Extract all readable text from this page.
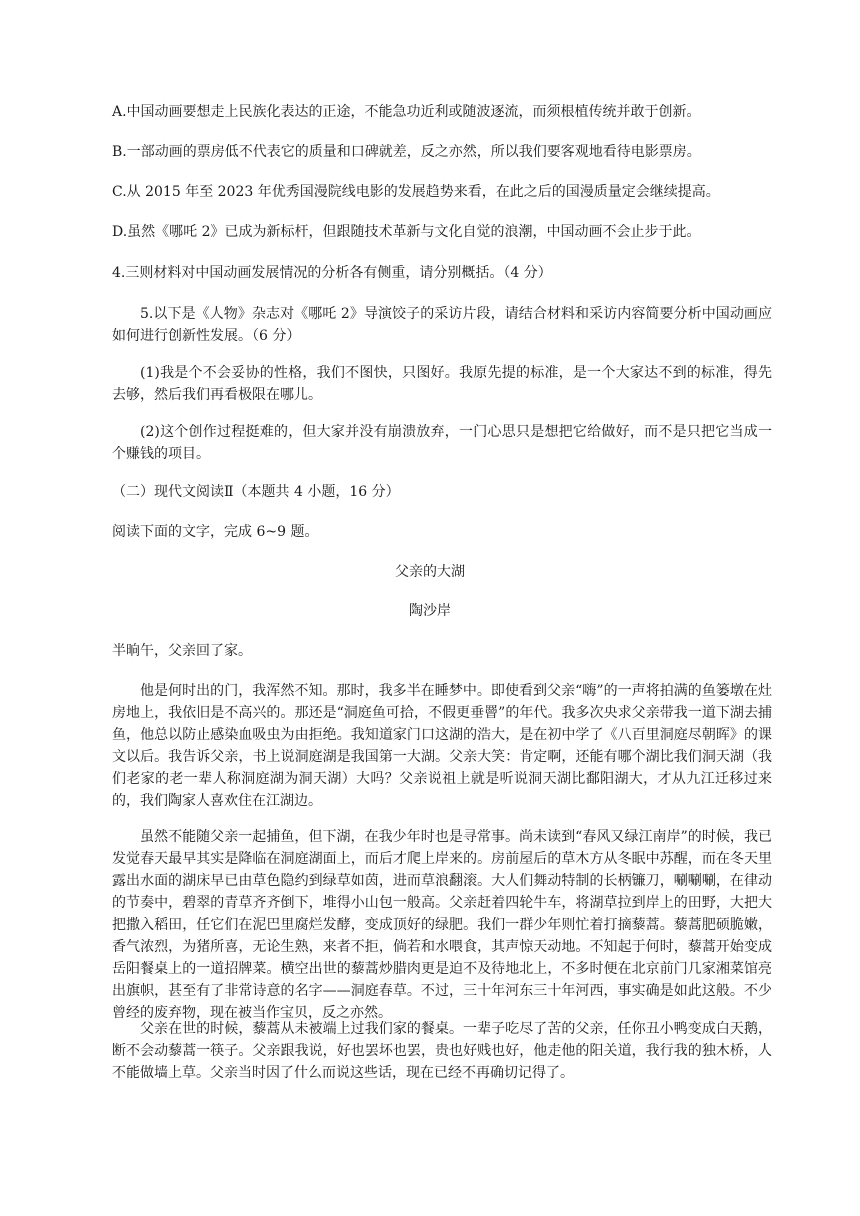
A.中国动画要想走上民族化表达的正途，不能急功近利或随波逐流，而须根植传统并敢于创新。

B.一部动画的票房低不代表它的质量和口碑就差，反之亦然，所以我们要客观地看待电影票房。

C.从 2015 年至 2023 年优秀国漫院线电影的发展趋势来看，在此之后的国漫质量定会继续提高。

D.虽然《哪吒 2》已成为新标杆，但跟随技术革新与文化自觉的浪潮，中国动画不会止步于此。

4.三则材料对中国动画发展情况的分析各有侧重，请分别概括。（4 分）

5.以下是《人物》杂志对《哪吒 2》导演饺子的采访片段，请结合材料和采访内容简要分析中国动画应如何进行创新性发展。（6 分）

(1)我是个不会妥协的性格，我们不图快，只图好。我原先提的标准，是一个大家达不到的标准，得先去够，然后我们再看极限在哪儿。

(2)这个创作过程挺难的，但大家并没有崩溃放弃，一门心思只是想把它给做好，而不是只把它当成一个赚钱的项目。

（二）现代文阅读Ⅱ（本题共 4 小题，16 分）

阅读下面的文字，完成 6~9 题。

父亲的大湖

陶沙岸

半晌午，父亲回了家。

他是何时出的门，我浑然不知。那时，我多半在睡梦中。即使看到父亲“嗨”的一声将拍满的鱼篓墩在灶房地上，我依旧是不高兴的。那还是“洞庭鱼可拾，不假更垂罾”的年代。我多次央求父亲带我一道下湖去捕鱼，他总以防止感染血吸虫为由拒绝。我知道家门口这湖的浩大，是在初中学了《八百里洞庭尽朝晖》的课文以后。我告诉父亲，书上说洞庭湖是我国第一大湖。父亲大笑：肯定啊，还能有哪个湖比我们洞天湖（我们老家的老一辈人称洞庭湖为洞天湖）大吗？父亲说祖上就是听说洞天湖比鄱阳湖大，才从九江迁移过来的，我们陶家人喜欢住在江湖边。

虽然不能随父亲一起捕鱼，但下湖，在我少年时也是寻常事。尚未读到“春风又绿江南岸”的时候，我已发觉春天最早其实是降临在洞庭湖面上，而后才爬上岸来的。房前屋后的草木方从冬眠中苏醒，而在冬天里露出水面的湖床早已由草色隐约到绿草如茵，进而草浪翻滚。大人们舞动特制的长柄镰刀，唰唰唰，在律动的节奏中，碧翠的青草齐齐倒下，堆得小山包一般高。父亲赶着四轮牛车，将湖草拉到岸上的田野，大把大把撒入稻田，任它们在泥巴里腐烂发酵，变成顶好的绿肥。我们一群少年则忙着打摘藜蒿。藜蒿肥硕脆嫩，香气浓烈，为猪所喜，无论生熟，来者不拒，倘若和水喂食，其声惊天动地。不知起于何时，藜蒿开始变成岳阳餐桌上的一道招牌菜。横空出世的藜蒿炒腊肉更是迫不及待地北上，不多时便在北京前门几家湘菜馆亮出旗帜，甚至有了非常诗意的名字——洞庭春草。不过，三十年河东三十年河西，事实确是如此这般。不少曾经的废弃物，现在被当作宝贝，反之亦然。

父亲在世的时候，藜蒿从未被端上过我们家的餐桌。一辈子吃尽了苦的父亲，任你丑小鸭变成白天鹅，断不会动藜蒿一筷子。父亲跟我说，好也罢坏也罢，贵也好贱也好，他走他的阳关道，我行我的独木桥，人不能做墙上草。父亲当时因了什么而说这些话，现在已经不再确切记得了。
